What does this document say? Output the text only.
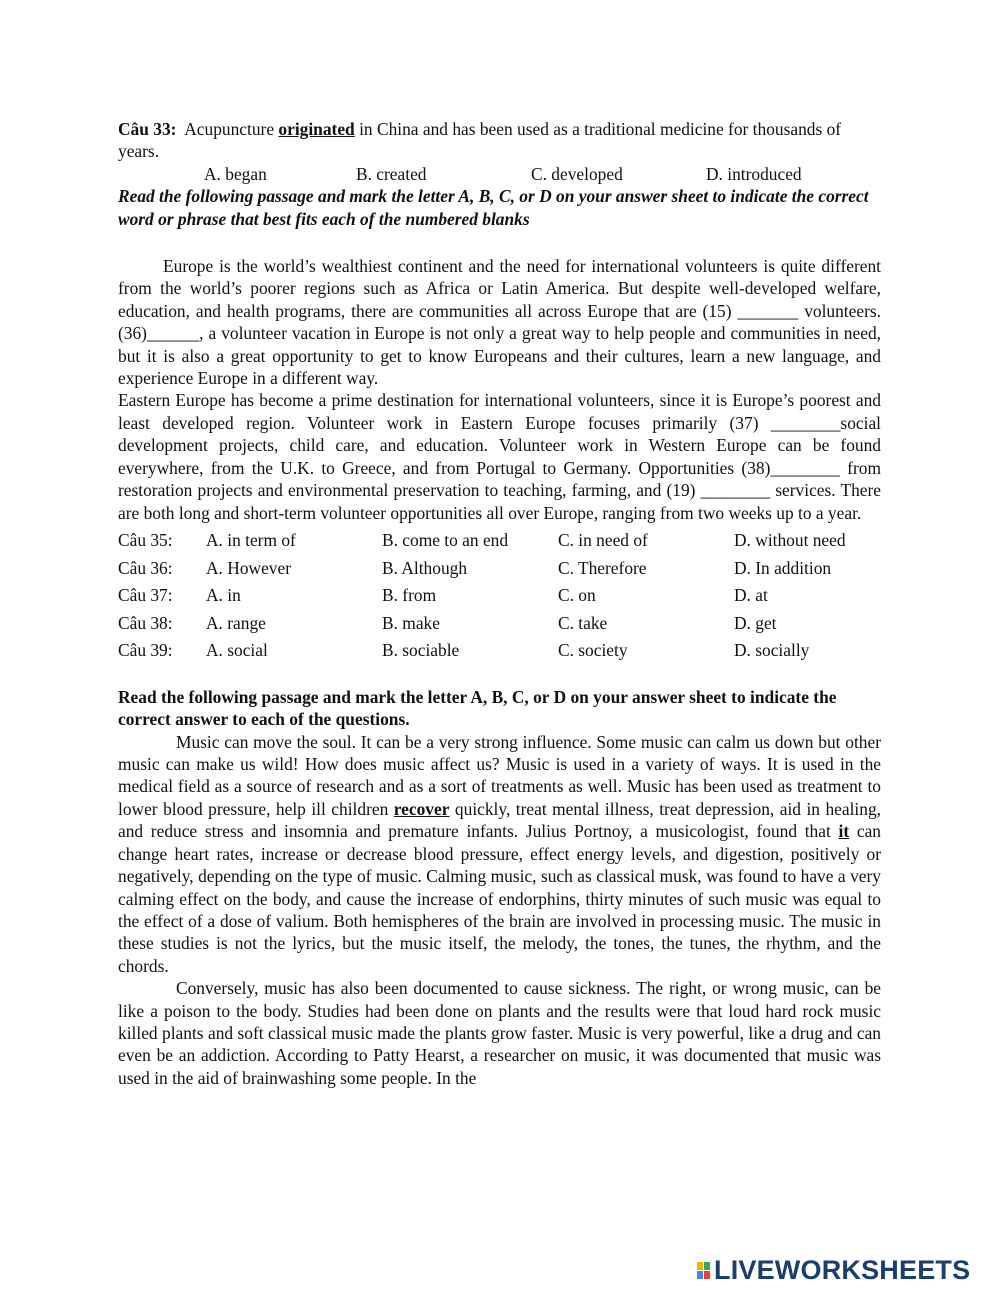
Câu 33: Acupuncture originated in China and has been used as a traditional medicine for thousands of years.

A. began	B. created	C. developed	D. introduced

Read the following passage and mark the letter A, B, C, or D on your answer sheet to indicate the correct word or phrase that best fits each of the numbered blanks

Europe is the world’s wealthiest continent and the need for international volunteers is quite different from the world’s poorer regions such as Africa or Latin America. But despite well-developed welfare, education, and health programs, there are communities all across Europe that are (15) _______ volunteers. (36)______, a volunteer vacation in Europe is not only a great way to help people and communities in need, but it is also a great opportunity to get to know Europeans and their cultures, learn a new language, and experience Europe in a different way.

Eastern Europe has become a prime destination for international volunteers, since it is Europe’s poorest and least developed region. Volunteer work in Eastern Europe focuses primarily (37) ________social development projects, child care, and education. Volunteer work in Western Europe can be found everywhere, from the U.K. to Greece, and from Portugal to Germany. Opportunities (38)________ from restoration projects and environmental preservation to teaching, farming, and (19) ________ services. There are both long and short-term volunteer opportunities all over Europe, ranging from two weeks up to a year.

Câu 35:	A. in term of	B. come to an end	C. in need of	D. without need
Câu 36:	A. However	B. Although	C. Therefore	D. In addition
Câu 37:	A. in	B. from	C. on	D. at
Câu 38:	A. range	B. make	C. take	D. get
Câu 39:	A. social	B. sociable	C. society	D. socially

Read the following passage and mark the letter A, B, C, or D on your answer sheet to indicate the correct answer to each of the questions.

Music can move the soul. It can be a very strong influence. Some music can calm us down but other music can make us wild! How does music affect us? Music is used in a variety of ways. It is used in the medical field as a source of research and as a sort of treatments as well. Music has been used as treatment to lower blood pressure, help ill children recover quickly, treat mental illness, treat depression, aid in healing, and reduce stress and insomnia and premature infants. Julius Portnoy, a musicologist, found that it can change heart rates, increase or decrease blood pressure, effect energy levels, and digestion, positively or negatively, depending on the type of music. Calming music, such as classical musk, was found to have a very calming effect on the body, and cause the increase of endorphins, thirty minutes of such music was equal to the effect of a dose of valium. Both hemispheres of the brain are involved in processing music. The music in these studies is not the lyrics, but the music itself, the melody, the tones, the tunes, the rhythm, and the chords.

Conversely, music has also been documented to cause sickness. The right, or wrong music, can be like a poison to the body. Studies had been done on plants and the results were that loud hard rock music killed plants and soft classical music made the plants grow faster. Music is very powerful, like a drug and can even be an addiction. According to Patty Hearst, a researcher on music, it was documented that music was used in the aid of brainwashing some people. In the

LIVEWORKSHEETS
